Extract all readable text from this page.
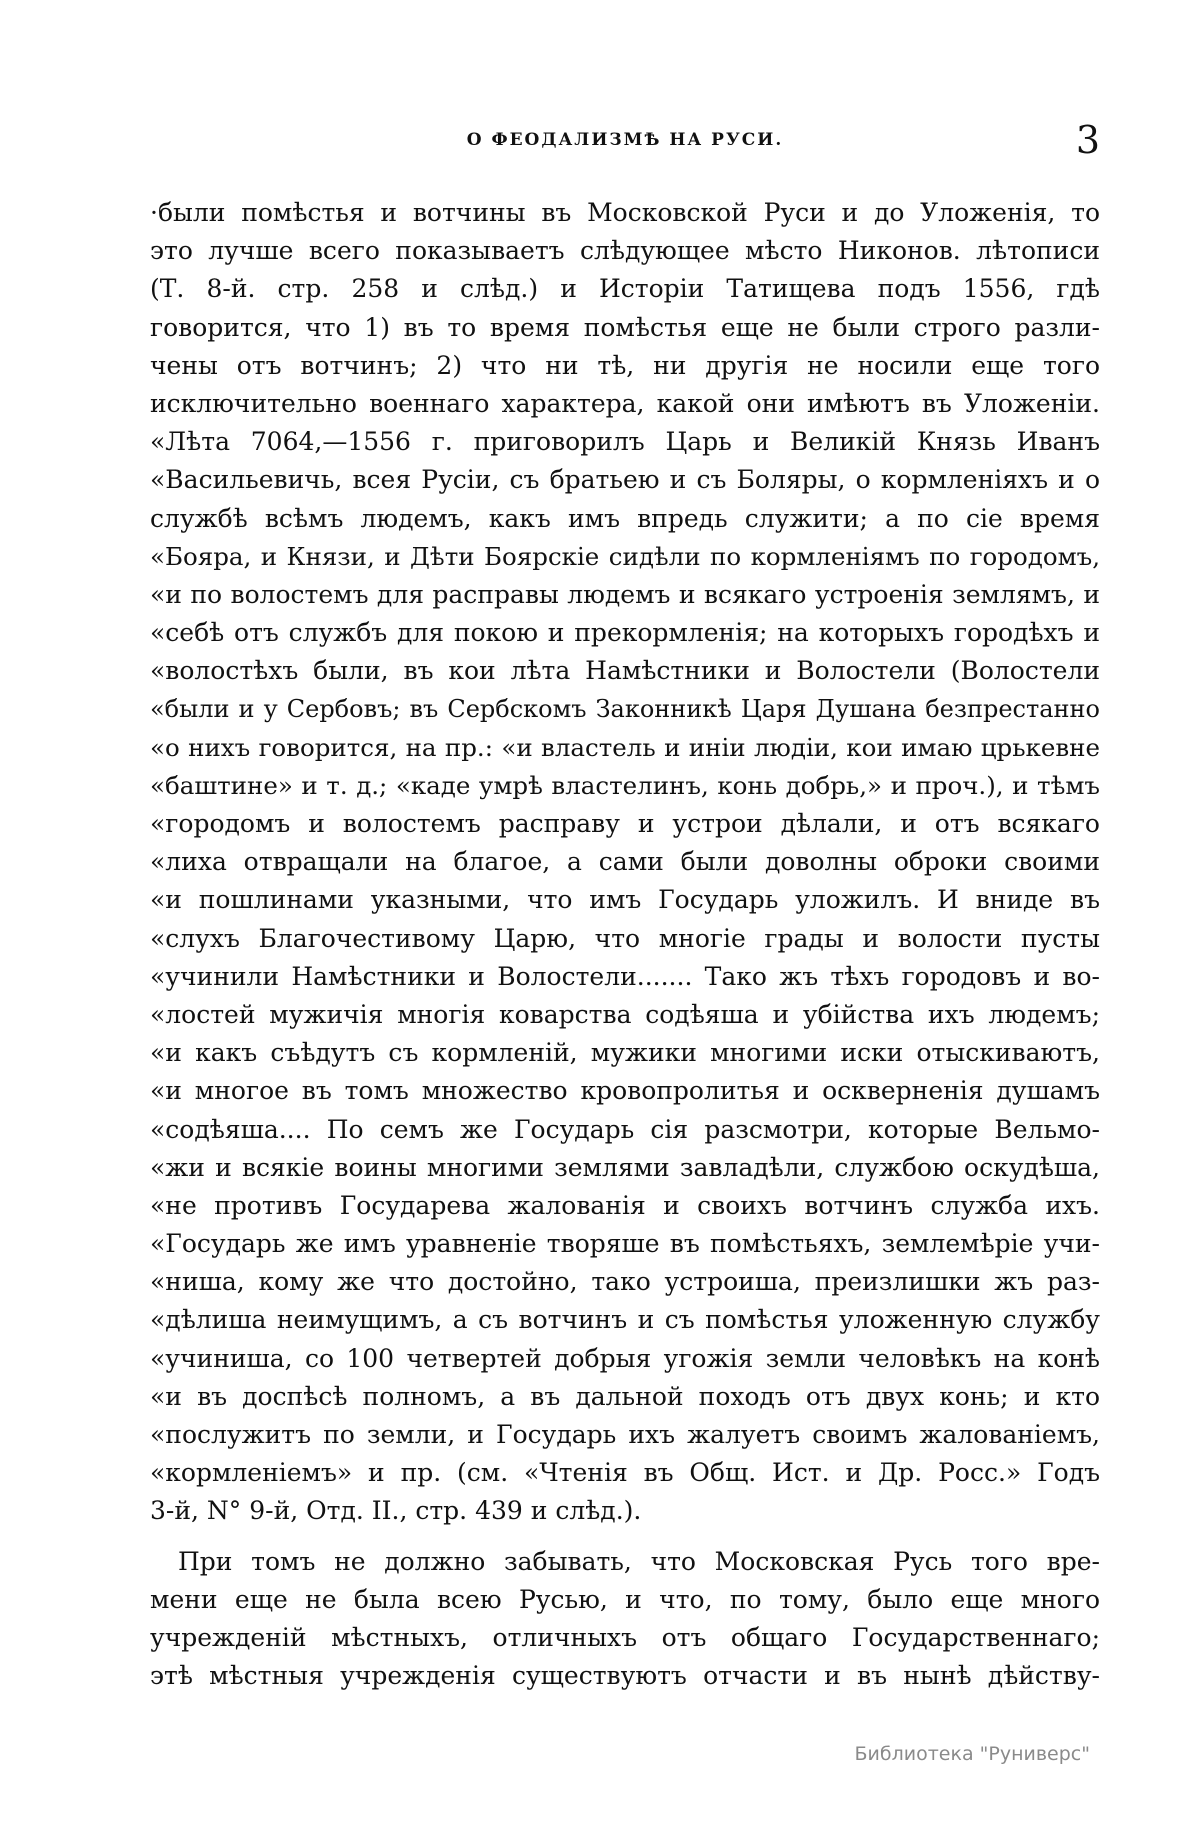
О ФЕОДАЛИЗМѢ НА РУСИ.	3
·были помѣстья и вотчины въ Московской Руси и до Уложенія, то
это лучше всего показываетъ слѣдующее мѣсто Никонов. лѣтописи
(Т. 8-й. стр. 258 и слѣд.) и Исторіи Татищева подъ 1556, гдѣ
говорится, что 1) въ то время помѣстья еще не были строго разли-
чены отъ вотчинъ; 2) что ни тѣ, ни другія не носили еще того
исключительно военнаго характера, какой они имѣютъ въ Уложеніи.
«Лѣта 7064,—1556 г. приговорилъ Царь и Великій Князь Иванъ
«Васильевичь, всея Русіи, съ братьею и съ Боляры, о кормленіяхъ и о
службѣ всѣмъ людемъ, какъ имъ впредь служити; а по сіе время
«Бояра, и Князи, и Дѣти Боярскіе сидѣли по кормленіямъ по городомъ,
«и по волостемъ для расправы людемъ и всякаго устроенія землямъ, и
«себѣ отъ службъ для покою и прекормленія; на которыхъ городѣхъ и
«волостѣхъ были, въ кои лѣта Намѣстники и Волостели (Волостели
«были и у Сербовъ; въ Сербскомъ Законникѣ Царя Душана безпрестанно
«о нихъ говорится, на пр.: «и властель и иніи людіи, кои имаю црькевне
«баштине» и т. д.; «каде умрѣ властелинъ, конь добрь,» и проч.), и тѣмъ
«городомъ и волостемъ расправу и устрои дѣлали, и отъ всякаго
«лиха отвращали на благое, а сами были доволны оброки своими
«и пошлинами указными, что имъ Государь уложилъ. И вниде въ
«слухъ Благочестивому Царю, что многіе грады и волости пусты
«учинили Намѣстники и Волостели....... Тако жъ тѣхъ городовъ и во-
«лостей мужичія многія коварства содѣяша и убійства ихъ людемъ;
«и какъ съѣдутъ съ кормленій, мужики многими иски отыскиваютъ,
«и многое въ томъ множество кровопролитья и оскверненія душамъ
«содѣяша.... По семъ же Государь сія разсмотри, которые Вельмо-
«жи и всякіе воины многими землями завладѣли, службою оскудѣша,
«не противъ Государева жалованія и своихъ вотчинъ служба ихъ.
«Государь же имъ уравненіе творяше въ помѣстьяхъ, землемѣріе учи-
«ниша, кому же что достойно, тако устроиша, преизлишки жъ раз-
«дѣлиша неимущимъ, а съ вотчинъ и съ помѣстья уложенную службу
«учиниша, со 100 четвертей добрыя угожія земли человѣкъ на конѣ
«и въ доспѣсѣ полномъ, а въ дальной походъ отъ двух конь; и кто
«послужитъ по земли, и Государь ихъ жалуетъ своимъ жалованіемъ,
«кормленіемъ» и пр. (см. «Чтенія въ Общ. Ист. и Др. Росс.» Годъ
3-й, N° 9-й, Отд. II., стр. 439 и слѣд.).
При томъ не должно забывать, что Московская Русь того вре-
мени еще не была всею Русью, и что, по тому, было еще много
учрежденій мѣстныхъ, отличныхъ отъ общаго Государственнаго;
этѣ мѣстныя учрежденія существуютъ отчасти и въ нынѣ дѣйству-
Библиотека "Руниверс"
